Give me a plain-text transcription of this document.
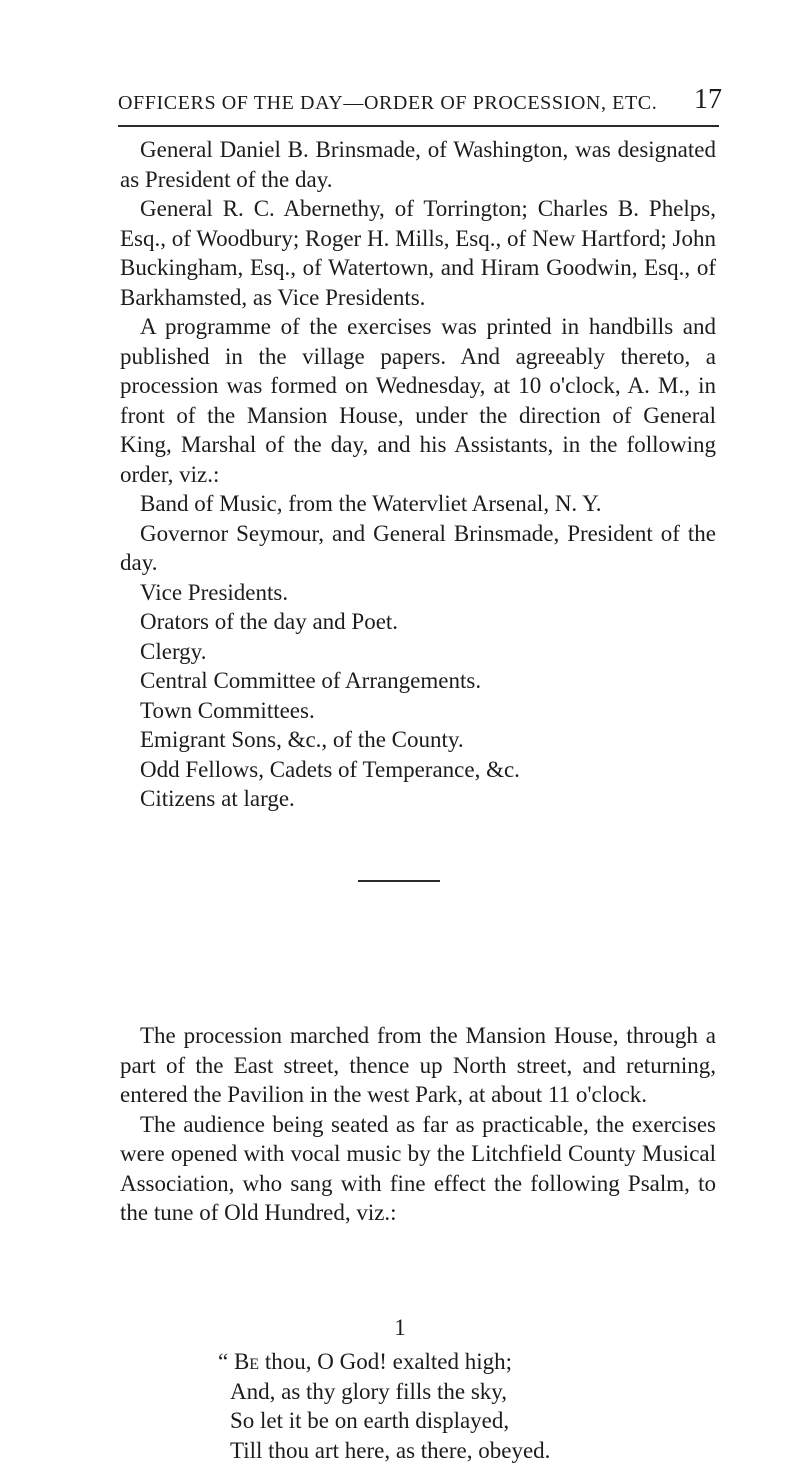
OFFICERS OF THE DAY—ORDER OF PROCESSION, ETC. 17

General Daniel B. Brinsmade, of Washington, was designated as President of the day.

General R. C. Abernethy, of Torrington; Charles B. Phelps, Esq., of Woodbury; Roger H. Mills, Esq., of New Hartford; John Buckingham, Esq., of Watertown, and Hiram Goodwin, Esq., of Barkhamsted, as Vice Presidents.

A programme of the exercises was printed in handbills and published in the village papers. And agreeably thereto, a procession was formed on Wednesday, at 10 o'clock, A. M., in front of the Mansion House, under the direction of General King, Marshal of the day, and his Assistants, in the following order, viz.:

Band of Music, from the Watervliet Arsenal, N. Y.

Governor Seymour, and General Brinsmade, President of the day.

Vice Presidents.

Orators of the day and Poet.

Clergy.

Central Committee of Arrangements.

Town Committees.

Emigrant Sons, &c., of the County.

Odd Fellows, Cadets of Temperance, &c.

Citizens at large.

The procession marched from the Mansion House, through a part of the East street, thence up North street, and returning, entered the Pavilion in the west Park, at about 11 o'clock.

The audience being seated as far as practicable, the exercises were opened with vocal music by the Litchfield County Musical Association, who sang with fine effect the following Psalm, to the tune of Old Hundred, viz.:

1
“ Be thou, O God! exalted high;
And, as thy glory fills the sky,
So let it be on earth displayed,
Till thou art here, as there, obeyed.
